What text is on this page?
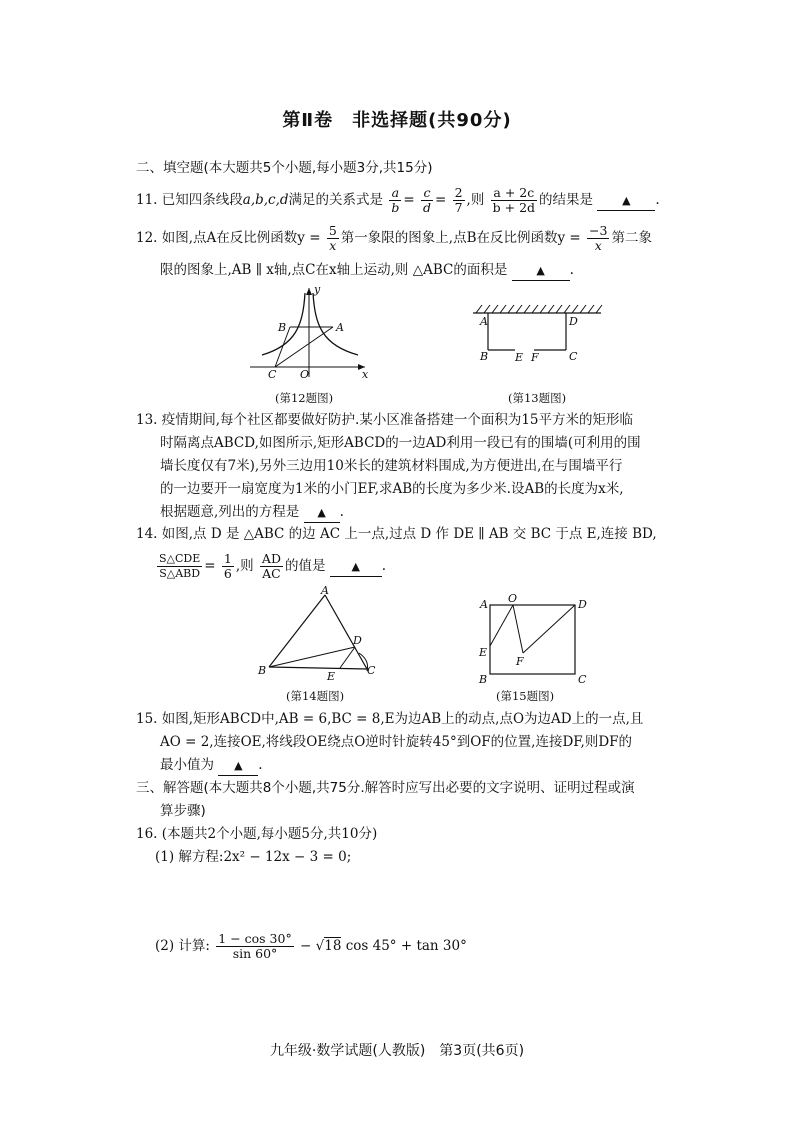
第Ⅱ卷　非选择题(共90分)
二、填空题(本大题共5个小题,每小题3分,共15分)
11. 已知四条线段a,b,c,d满足的关系式是 $\frac{a}{b} = \frac{c}{d} = \frac{2}{7}$ ,则 $\frac{a + 2c}{b + 2d}$ 的结果是	▲ .
12. 如图,点A在反比例函数$y = \frac{5}{x}$ 第一象限的图象上,点B在反比例函数$y = \frac{-3}{x}$ 第二象
限的图象上,AB ∥ x轴,点C在x轴上运动,则 △ABC的面积是	▲ .
y
B	A
C O	x
(第12题图)
A	D
B E F	C
(第13题图)
13. 疫情期间,每个社区都要做好防护.某小区准备搭建一个面积为15平方米的矩形临
时隔离点ABCD,如图所示,矩形ABCD的一边AD利用一段已有的围墙(可利用的围
墙长度仅有7米),另外三边用10米长的建筑材料围成,为方便进出,在与围墙平行
的一边要开一扇宽度为1米的小门EF,求AB的长度为多少米.设AB的长度为x米,
根据题意,列出的方程是 ▲ .
14. 如图,点 D 是 △ABC 的边 AC 上一点,过点 D 作 DE ∥ AB 交 BC 于点 E,连接 BD,
$\frac{\text{S△CDE}}{\text{S△ABD}} = \frac{1}{6}$ ,则 $\frac{AD}{AC}$ 的值是 ▲ .
A
D
B	E	C
(第14题图)
A O	D
E
F
B	C
(第15题图)
15. 如图,矩形ABCD中,AB = 6,BC = 8,E为边AB上的动点,点O为边AD上的一点,且
AO = 2,连接OE,将线段OE绕点O逆时针旋转45°到OF的位置,连接DF,则DF的
最小值为 ▲ .
三、解答题(本大题共8个小题,共75分.解答时应写出必要的文字说明、证明过程或演
算步骤)
16. (本题共2个小题,每小题5分,共10分)
(1) 解方程:2x² − 12x − 3 = 0;
(2) 计算: $\frac{1 - \cos 30^\circ}{\sin 60^\circ} - √18$ cos 45° + tan 30°
九年级·数学试题(人教版)　第3页(共6页)
